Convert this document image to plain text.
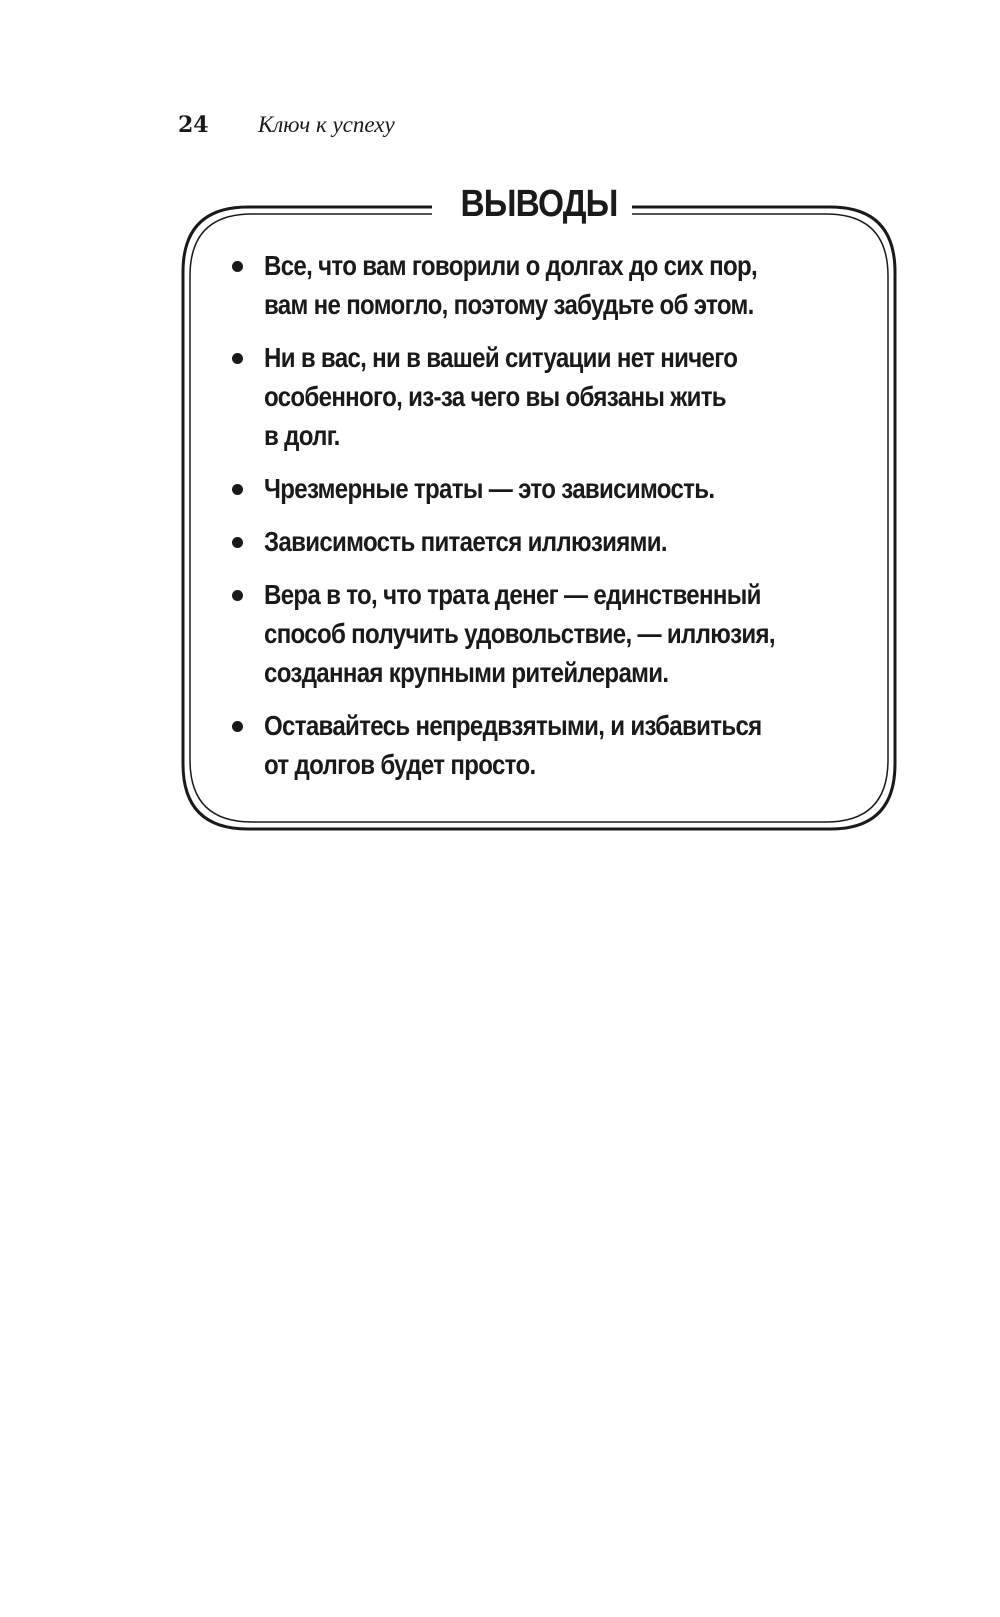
24	Ключ к успеху
ВЫВОДЫ
Все, что вам говорили о долгах до сих пор,
вам не помогло, поэтому забудьте об этом.
Ни в вас, ни в вашей ситуации нет ничего
особенного, из-за чего вы обязаны жить
в долг.
Чрезмерные траты — это зависимость.
Зависимость питается иллюзиями.
Вера в то, что трата денег — единственный
способ получить удовольствие, — иллюзия,
созданная крупными ритейлерами.
Оставайтесь непредвзятыми, и избавиться
от долгов будет просто.
